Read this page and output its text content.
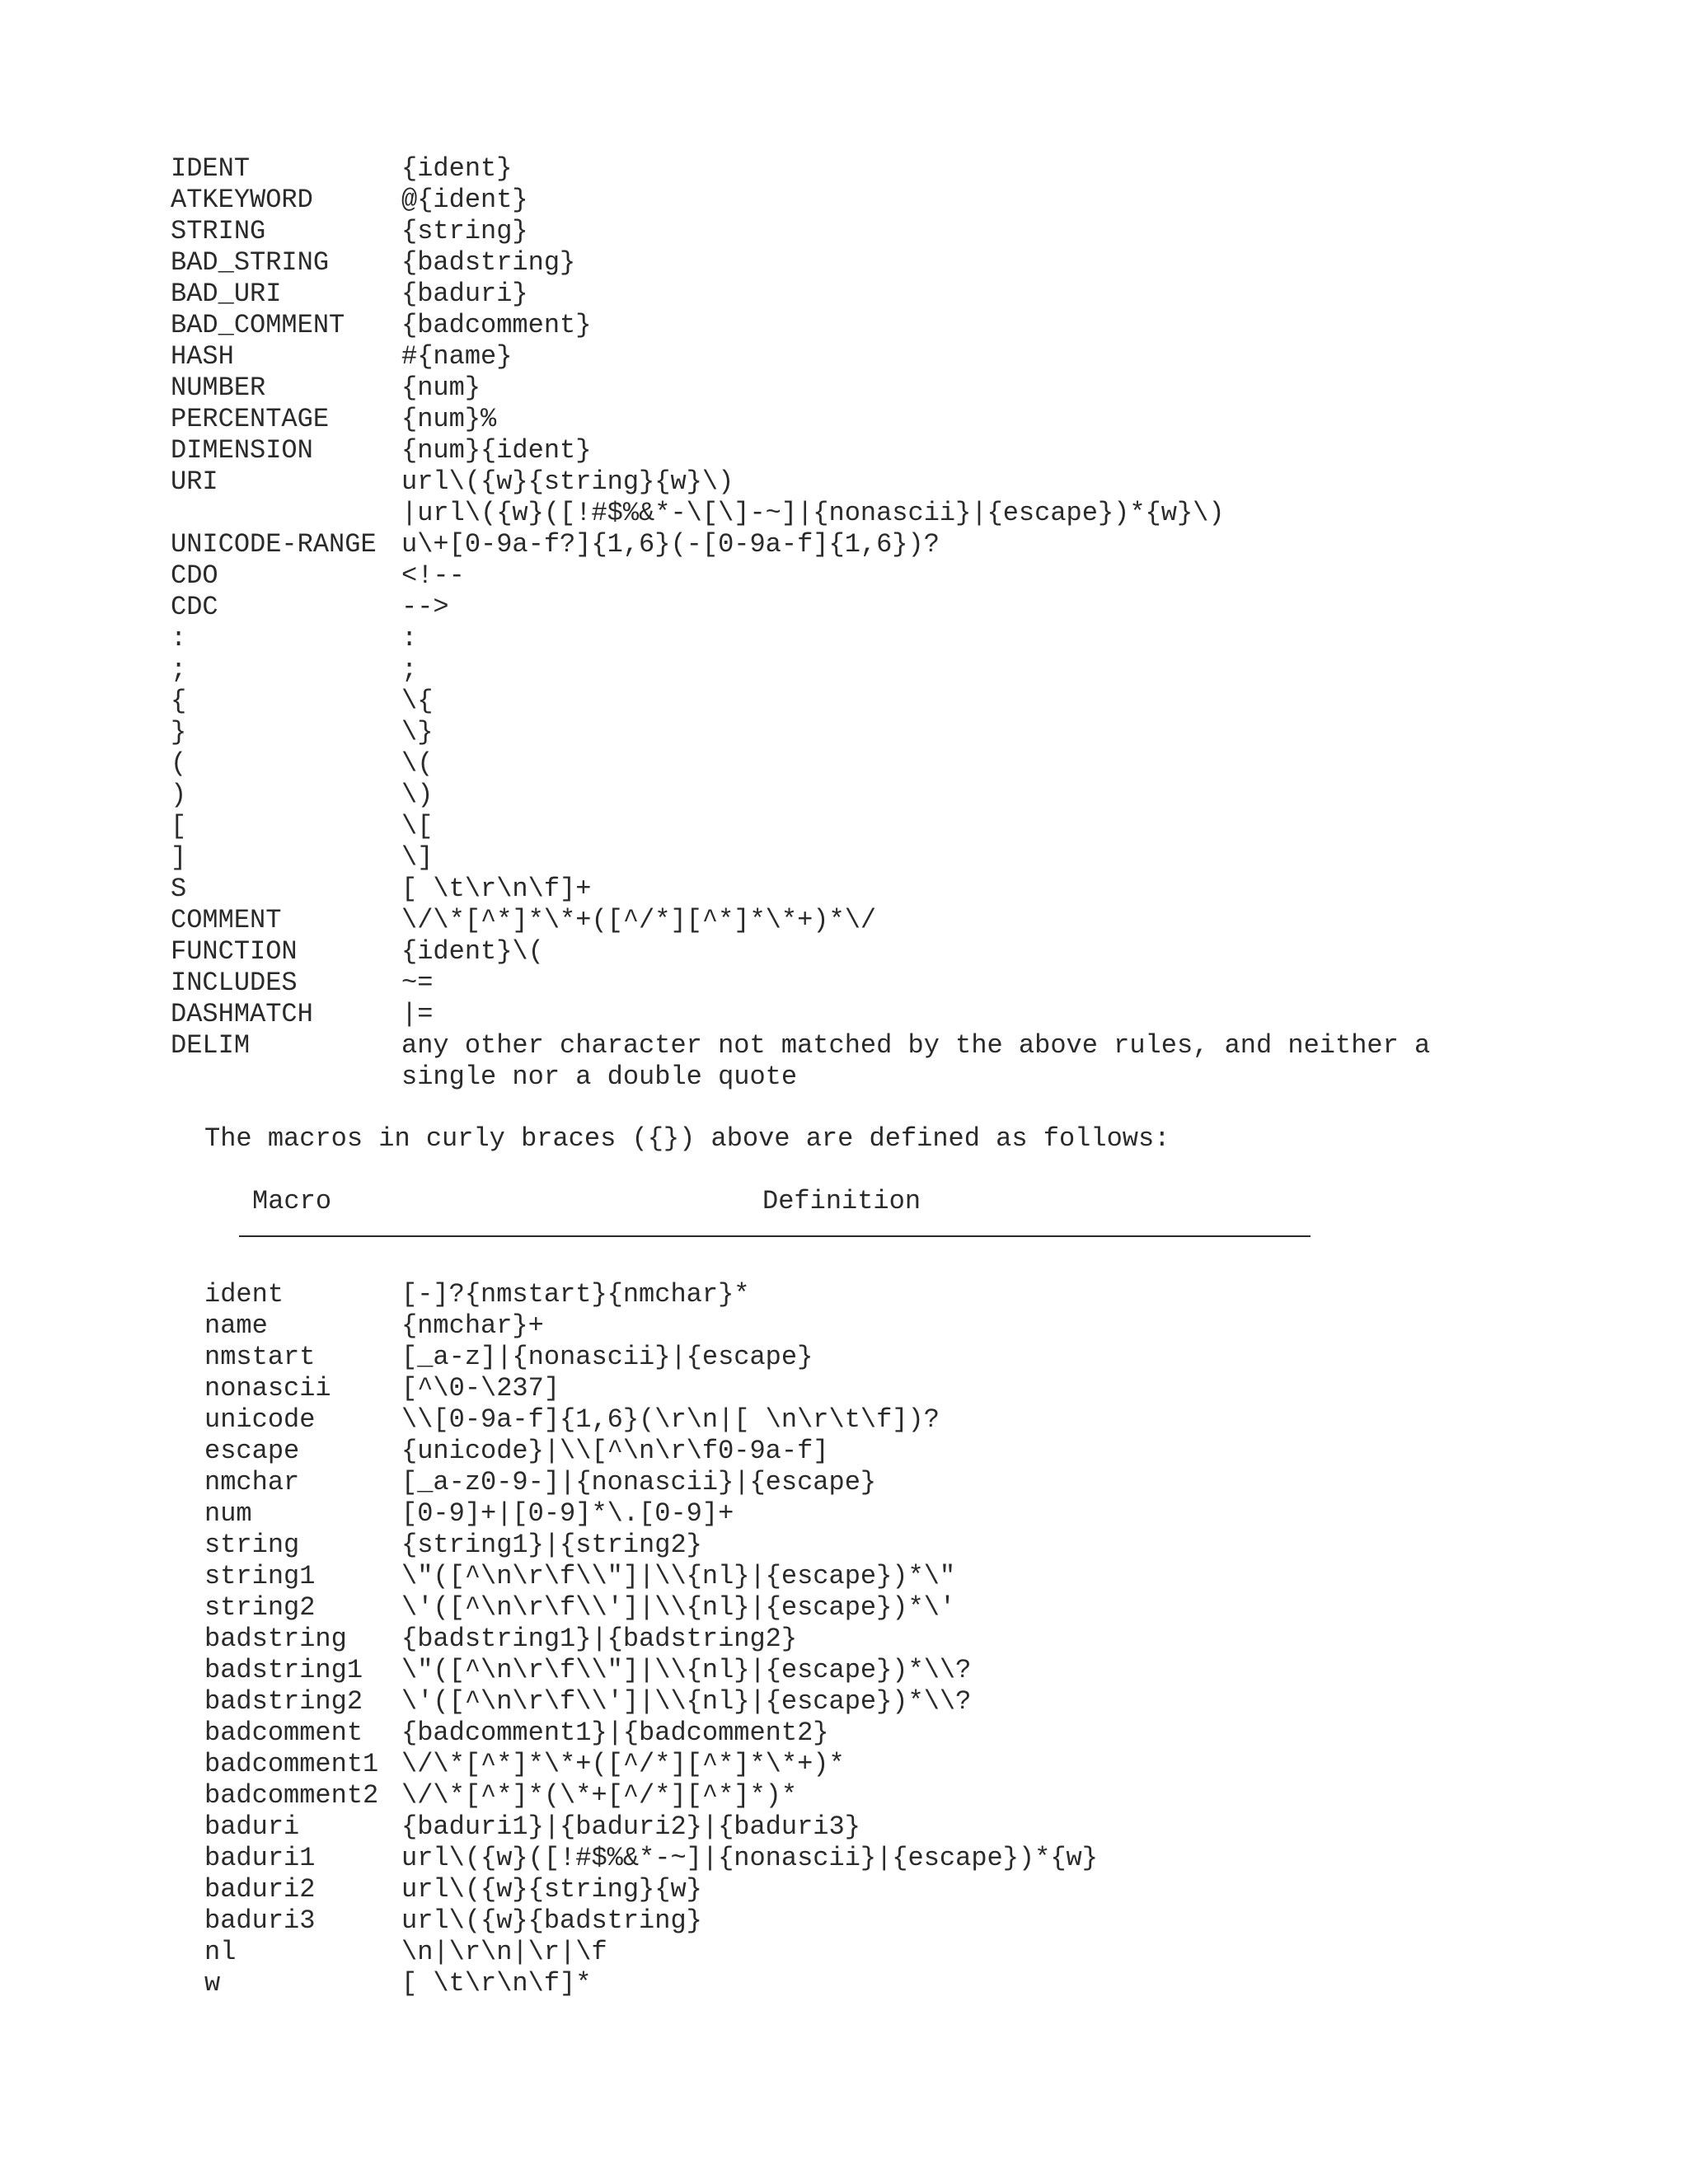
IDENT	{ident}
ATKEYWORD	@{ident}
STRING	{string}
BAD_STRING	{badstring}
BAD_URI	{baduri}
BAD_COMMENT {badcomment}
HASH	#{name}
NUMBER	{num}
PERCENTAGE	{num}%
DIMENSION	{num}{ident}
URI	url\({w}{string}{w}\)
|url\({w}([!#$%&*-\[\]-~]|{nonascii}|{escape})*{w}\)
UNICODE-RANGE u\+[0-9a-f?]{1,6}(-[0-9a-f]{1,6})?
CDO	<!--
CDC	-->
:	:
;	;
{	\{
}	\}
(	\(
)	\)
[	\[
]	\]
S	[ \t\r\n\f]+
COMMENT	\/\*[^*]*\*+([^/*][^*]*\*+)*\/
FUNCTION	{ident}\(
INCLUDES	~=
DASHMATCH	|=
DELIM	any other character not matched by the above rules, and neither a
single nor a double quote
The macros in curly braces ({}) above are defined as follows:
Macro	Definition
ident	[-]?{nmstart}{nmchar}*
name	{nmchar}+
nmstart	[_a-z]|{nonascii}|{escape}
nonascii	[^\0-\237]
unicode	\\[0-9a-f]{1,6}(\r\n|[ \n\r\t\f])?
escape	{unicode}|\\[^\n\r\f0-9a-f]
nmchar	[_a-z0-9-]|{nonascii}|{escape}
num	[0-9]+|[0-9]*\.[0-9]+
string	{string1}|{string2}
string1	\"([^\n\r\f\\"]|\\{nl}|{escape})*\"
string2	\'([^\n\r\f\\']|\\{nl}|{escape})*\'
badstring {badstring1}|{badstring2}
badstring1 \"([^\n\r\f\\"]|\\{nl}|{escape})*\\?
badstring2 \'([^\n\r\f\\']|\\{nl}|{escape})*\\?
badcomment {badcomment1}|{badcomment2}
badcomment1 \/\*[^*]*\*+([^/*][^*]*\*+)*
badcomment2 \/\*[^*]*(\*+[^/*][^*]*)*
baduri	{baduri1}|{baduri2}|{baduri3}
baduri1	url\({w}([!#$%&*-~]|{nonascii}|{escape})*{w}
baduri2	url\({w}{string}{w}
baduri3	url\({w}{badstring}
nl	\n|\r\n|\r|\f
w	[ \t\r\n\f]*
